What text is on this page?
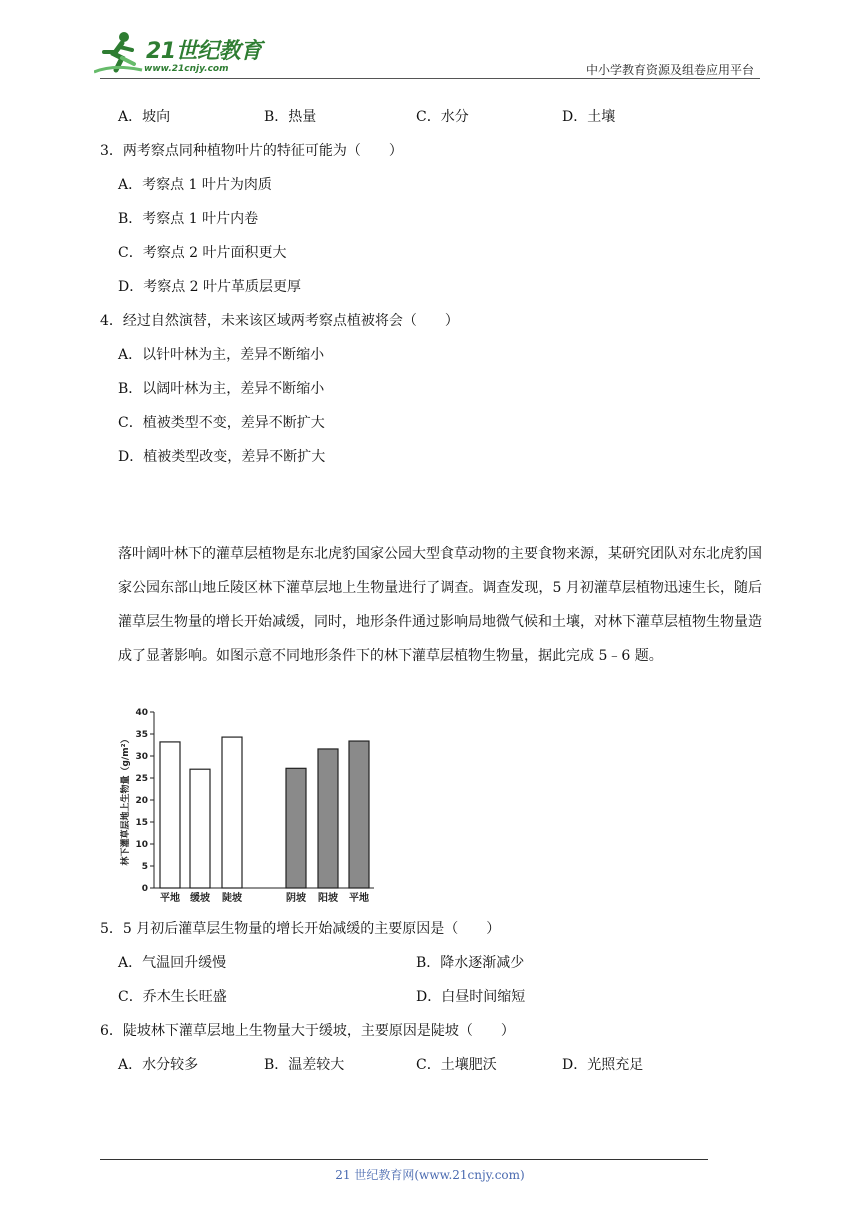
21世纪教育
www.21cnjy.com	中小学教育资源及组卷应用平台
A．坡向	B．热量	C．水分	D．土壤
3．两考察点同种植物叶片的特征可能为（　　）
A．考察点 1 叶片为肉质
B．考察点 1 叶片内卷
C．考察点 2 叶片面积更大
D．考察点 2 叶片革质层更厚
4．经过自然演替，未来该区域两考察点植被将会（　　）
A．以针叶林为主，差异不断缩小
B．以阔叶林为主，差异不断缩小
C．植被类型不变，差异不断扩大
D．植被类型改变，差异不断扩大

落叶阔叶林下的灌草层植物是东北虎豹国家公园大型食草动物的主要食物来源，某研究团队对东北虎豹国家公园东部山地丘陵区林下灌草层地上生物量进行了调查。调查发现，5 月初灌草层植物迅速生长，随后灌草层生物量的增长开始减缓，同时，地形条件通过影响局地微气候和土壤，对林下灌草层植物生物量造成了显著影响。如图示意不同地形条件下的林下灌草层植物生物量，据此完成 5﹣6 题。

林下灌草层地上生物量（g/m²）
0
5
10
15
20
25
30
35
40
平地 缓坡 陡坡	阴坡 阳坡 平地
5．5 月初后灌草层生物量的增长开始减缓的主要原因是（　　）
A．气温回升缓慢	B．降水逐渐减少
C．乔木生长旺盛	D．白昼时间缩短
6．陡坡林下灌草层地上生物量大于缓坡，主要原因是陡坡（　　）
A．水分较多	B．温差较大	C．土壤肥沃	D．光照充足
21 世纪教育网(www.21cnjy.com)
